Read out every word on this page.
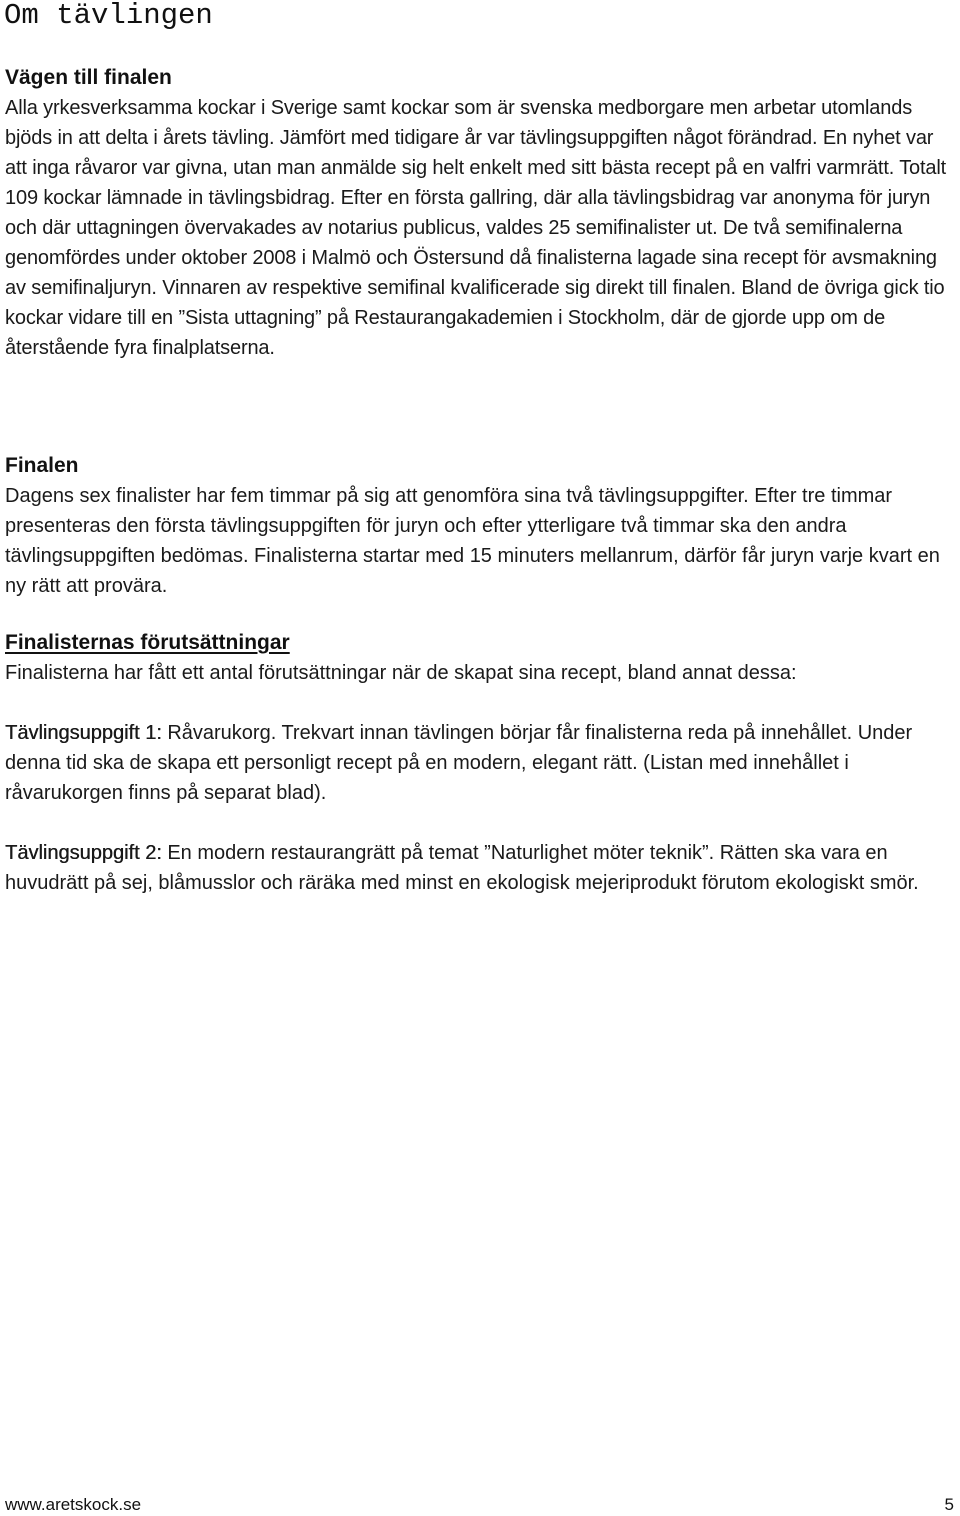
Om tävlingen
Vägen till finalen

Alla yrkesverksamma kockar i Sverige samt kockar som är svenska medborgare men arbetar utomlands bjöds in att delta i årets tävling. Jämfört med tidigare år var tävlingsuppgiften något förändrad. En nyhet var att inga råvaror var givna, utan man anmälde sig helt enkelt med sitt bästa recept på en valfri varmrätt. Totalt 109 kockar lämnade in tävlingsbidrag. Efter en första gallring, där alla tävlingsbidrag var anonyma för juryn och där uttagningen övervakades av notarius publicus, valdes 25 semifinalister ut. De två semifinalerna genomfördes under oktober 2008 i Malmö och Östersund då finalisterna lagade sina recept för avsmakning av semifinaljuryn. Vinnaren av respektive semifinal kvalificerade sig direkt till finalen. Bland de övriga gick tio kockar vidare till en ”Sista uttagning” på Restaurangakademien i Stockholm, där de gjorde upp om de återstående fyra finalplatserna.

Finalen

Dagens sex finalister har fem timmar på sig att genomföra sina två tävlingsuppgifter. Efter tre timmar presenteras den första tävlingsuppgiften för juryn och efter ytterligare två timmar ska den andra tävlingsuppgiften bedömas. Finalisterna startar med 15 minuters mellanrum, därför får juryn varje kvart en ny rätt att provära.

Finalisternas förutsättningar

Finalisterna har fått ett antal förutsättningar när de skapat sina recept, bland annat dessa:

Tävlingsuppgift 1: Råvarukorg. Trekvart innan tävlingen börjar får finalisterna reda på innehållet. Under denna tid ska de skapa ett personligt recept på en modern, elegant rätt. (Listan med innehållet i råvarukorgen finns på separat blad).

Tävlingsuppgift 2: En modern restaurangrätt på temat ”Naturlighet möter teknik”. Rätten ska vara en huvudrätt på sej, blåmusslor och räräka med minst en ekologisk mejeriprodukt förutom ekologiskt smör.

www.aretskock.se	5
